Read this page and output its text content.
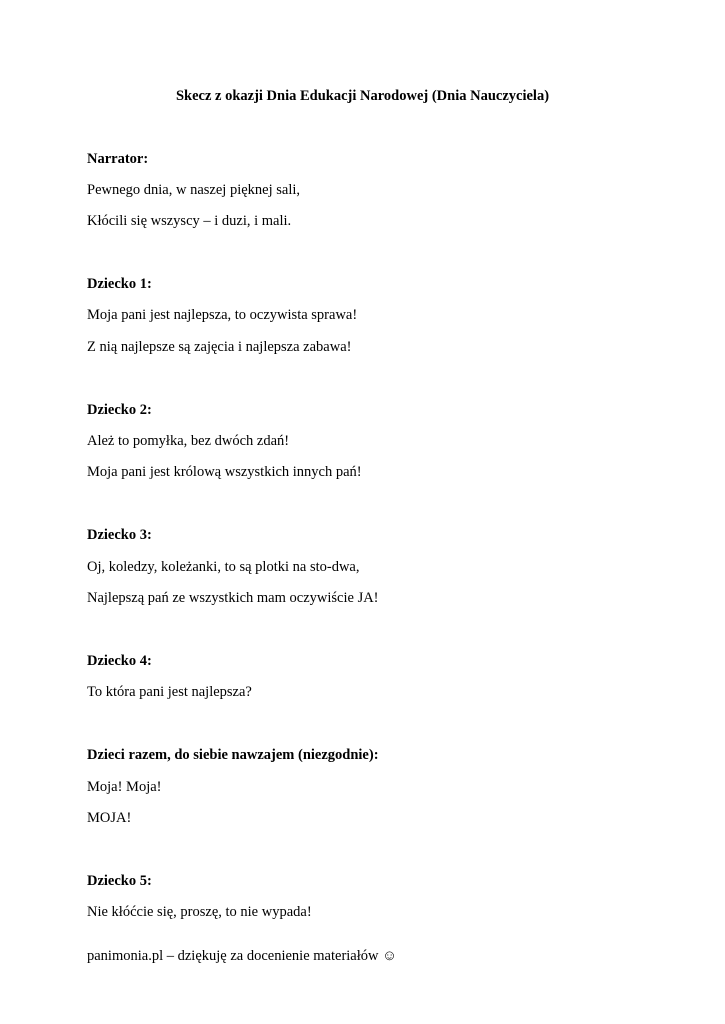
Skecz z okazji Dnia Edukacji Narodowej (Dnia Nauczyciela)
Narrator:
Pewnego dnia, w naszej pięknej sali,
Kłócili się wszyscy – i duzi, i mali.
Dziecko 1:
Moja pani jest najlepsza, to oczywista sprawa!
Z nią najlepsze są zajęcia i najlepsza zabawa!
Dziecko 2:
Ależ to pomyłka, bez dwóch zdań!
Moja pani jest królową wszystkich innych pań!
Dziecko 3:
Oj, koledzy, koleżanki, to są plotki na sto-dwa,
Najlepszą pań ze wszystkich mam oczywiście JA!
Dziecko 4:
To która pani jest najlepsza?
Dzieci razem, do siebie nawzajem (niezgodnie):
Moja! Moja!
MOJA!
Dziecko 5:
Nie kłóćcie się, proszę, to nie wypada!
panimonia.pl – dziękuję za docenienie materiałów ☺
